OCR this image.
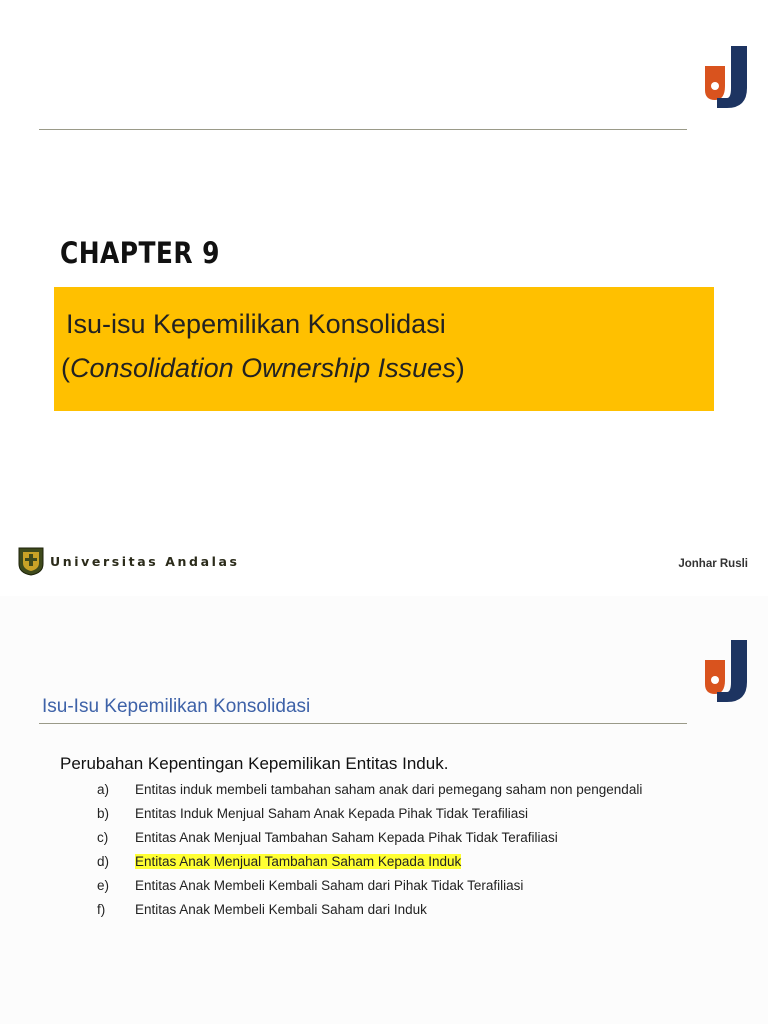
CHAPTER 9
Isu-isu Kepemilikan Konsolidasi
(Consolidation Ownership Issues)
Universitas Andalas	Jonhar Rusli
Isu-Isu Kepemilikan Konsolidasi
Perubahan Kepentingan Kepemilikan Entitas Induk.
a)	Entitas induk membeli tambahan saham anak dari pemegang saham non pengendali
b)	Entitas Induk Menjual Saham Anak Kepada Pihak Tidak Terafiliasi
c)	Entitas Anak Menjual Tambahan Saham Kepada Pihak Tidak Terafiliasi
d)	Entitas Anak Menjual Tambahan Saham Kepada Induk
e)	Entitas Anak Membeli Kembali Saham dari Pihak Tidak Terafiliasi
f)	Entitas Anak Membeli Kembali Saham dari Induk
